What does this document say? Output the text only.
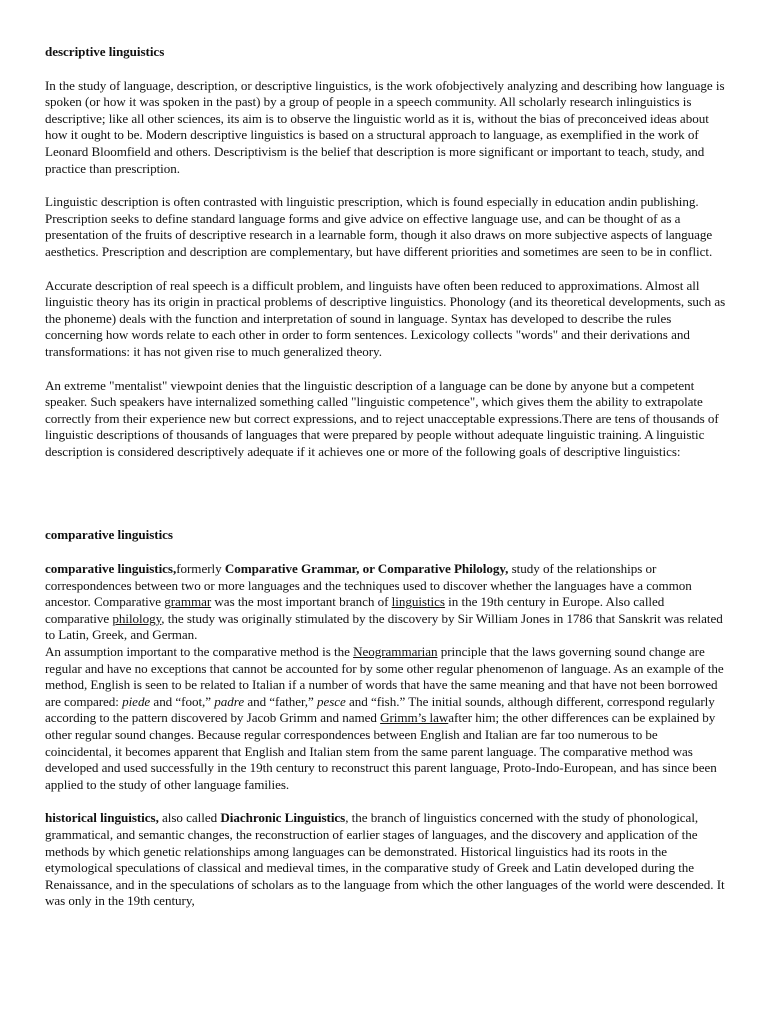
descriptive linguistics
In the study of language, description, or descriptive linguistics, is the work ofobjectively analyzing and describing how language is spoken (or how it was spoken in the past) by a group of people in a speech community. All scholarly research inlinguistics is descriptive; like all other sciences, its aim is to observe the linguistic world as it is, without the bias of preconceived ideas about how it ought to be. Modern descriptive linguistics is based on a structural approach to language, as exemplified in the work of Leonard Bloomfield and others. Descriptivism is the belief that description is more significant or important to teach, study, and practice than prescription.
Linguistic description is often contrasted with linguistic prescription, which is found especially in education andin publishing. Prescription seeks to define standard language forms and give advice on effective language use, and can be thought of as a presentation of the fruits of descriptive research in a learnable form, though it also draws on more subjective aspects of language aesthetics. Prescription and description are complementary, but have different priorities and sometimes are seen to be in conflict.
Accurate description of real speech is a difficult problem, and linguists have often been reduced to approximations. Almost all linguistic theory has its origin in practical problems of descriptive linguistics. Phonology (and its theoretical developments, such as the phoneme) deals with the function and interpretation of sound in language. Syntax has developed to describe the rules concerning how words relate to each other in order to form sentences. Lexicology collects "words" and their derivations and transformations: it has not given rise to much generalized theory.
An extreme "mentalist" viewpoint denies that the linguistic description of a language can be done by anyone but a competent speaker. Such speakers have internalized something called "linguistic competence", which gives them the ability to extrapolate correctly from their experience new but correct expressions, and to reject unacceptable expressions.There are tens of thousands of linguistic descriptions of thousands of languages that were prepared by people without adequate linguistic training. A linguistic description is considered descriptively adequate if it achieves one or more of the following goals of descriptive linguistics:
comparative linguistics
comparative linguistics,formerly Comparative Grammar, or Comparative Philology, study of the relationships or correspondences between two or more languages and the techniques used to discover whether the languages have a common ancestor. Comparative grammar was the most important branch of linguistics in the 19th century in Europe. Also called comparative philology, the study was originally stimulated by the discovery by Sir William Jones in 1786 that Sanskrit was related to Latin, Greek, and German.
An assumption important to the comparative method is the Neogrammarian principle that the laws governing sound change are regular and have no exceptions that cannot be accounted for by some other regular phenomenon of language. As an example of the method, English is seen to be related to Italian if a number of words that have the same meaning and that have not been borrowed are compared: piede and “foot,” padre and “father,” pesce and “fish.” The initial sounds, although different, correspond regularly according to the pattern discovered by Jacob Grimm and named Grimm’s lawafter him; the other differences can be explained by other regular sound changes. Because regular correspondences between English and Italian are far too numerous to be coincidental, it becomes apparent that English and Italian stem from the same parent language. The comparative method was developed and used successfully in the 19th century to reconstruct this parent language, Proto-Indo-European, and has since been applied to the study of other language families.
historical linguistics, also called Diachronic Linguistics, the branch of linguistics concerned with the study of phonological, grammatical, and semantic changes, the reconstruction of earlier stages of languages, and the discovery and application of the methods by which genetic relationships among languages can be demonstrated. Historical linguistics had its roots in the etymological speculations of classical and medieval times, in the comparative study of Greek and Latin developed during the Renaissance, and in the speculations of scholars as to the language from which the other languages of the world were descended. It was only in the 19th century,
